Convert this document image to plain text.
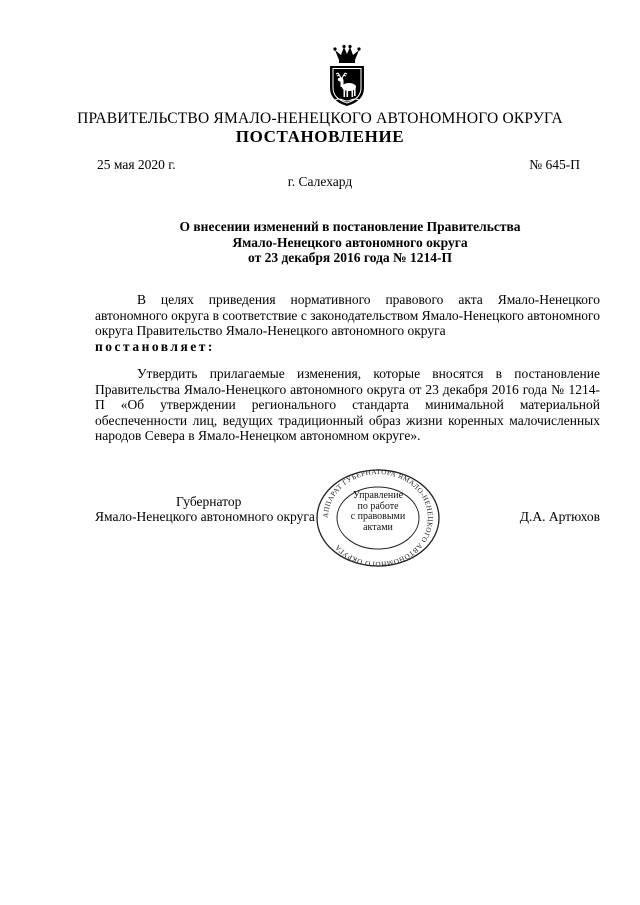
ПРАВИТЕЛЬСТВО ЯМАЛО-НЕНЕЦКОГО АВТОНОМНОГО ОКРУГА
ПОСТАНОВЛЕНИЕ
25 мая 2020 г.	№ 645-П
г. Салехард
О внесении изменений в постановление Правительства
Ямало-Ненецкого автономного округа
от 23 декабря 2016 года № 1214-П
В целях приведения нормативного правового акта Ямало-Ненецкого автономного округа в соответствие с законодательством Ямало-Ненецкого автономного округа Правительство Ямало-Ненецкого автономного округа
постановляет:
Утвердить прилагаемые изменения, которые вносятся в постановление Правительства Ямало-Ненецкого автономного округа от 23 декабря 2016 года № 1214-П «Об утверждении регионального стандарта минимальной материальной обеспеченности лиц, ведущих традиционный образ жизни коренных малочисленных народов Севера в Ямало-Ненецком автономном округе».
Губернатор
Ямало-Ненецкого автономного округа	Д.А. Артюхов
АППАРАТ ГУБЕРНАТОРА ЯМАЛО-НЕНЕЦКОГО АВТОНОМНОГО ОКРУГА
Управление
по работе
с правовыми
актами
